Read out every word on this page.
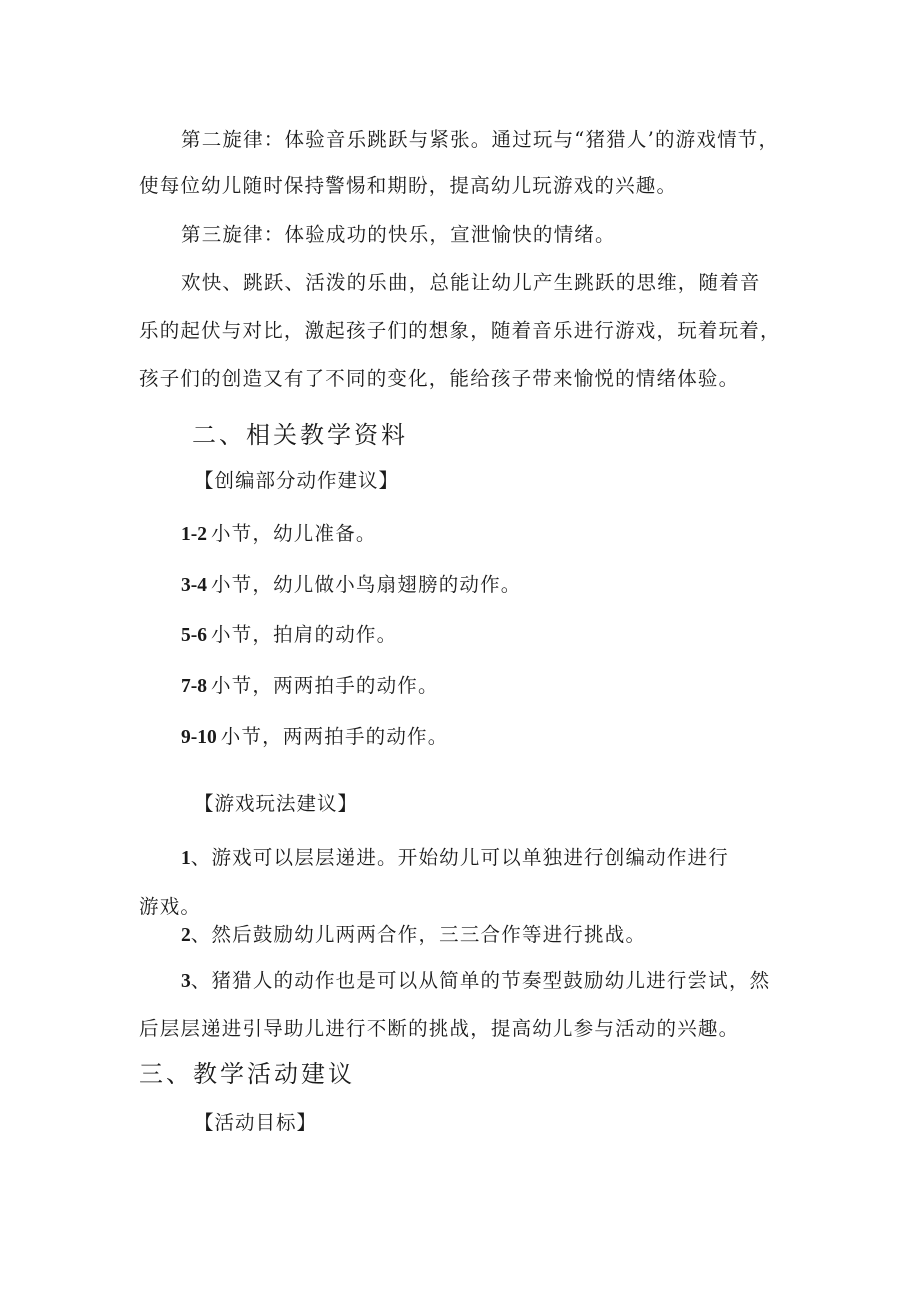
第二旋律：体验音乐跳跃与紧张。通过玩与“猪猎人’的游戏情节，
使每位幼儿随时保持警惕和期盼，提高幼儿玩游戏的兴趣。
第三旋律：体验成功的快乐，宣泄愉快的情绪。
欢快、跳跃、活泼的乐曲，总能让幼儿产生跳跃的思维，随着音
乐的起伏与对比，激起孩子们的想象，随着音乐进行游戏，玩着玩着，
孩子们的创造又有了不同的变化，能给孩子带来愉悦的情绪体验。
二、相关教学资料
【创编部分动作建议】
1-2 小节，幼儿准备。
3-4 小节，幼儿做小鸟扇翅膀的动作。
5-6 小节，拍肩的动作。
7-8 小节，两两拍手的动作。
9-10 小节，两两拍手的动作。
【游戏玩法建议】
1、游戏可以层层递进。开始幼儿可以单独进行创编动作进行
游戏。
2、然后鼓励幼儿两两合作，三三合作等进行挑战。
3、猪猎人的动作也是可以从简单的节奏型鼓励幼儿进行尝试，然
后层层递进引导助儿进行不断的挑战，提高幼儿参与活动的兴趣。
三、教学活动建议
【活动目标】
